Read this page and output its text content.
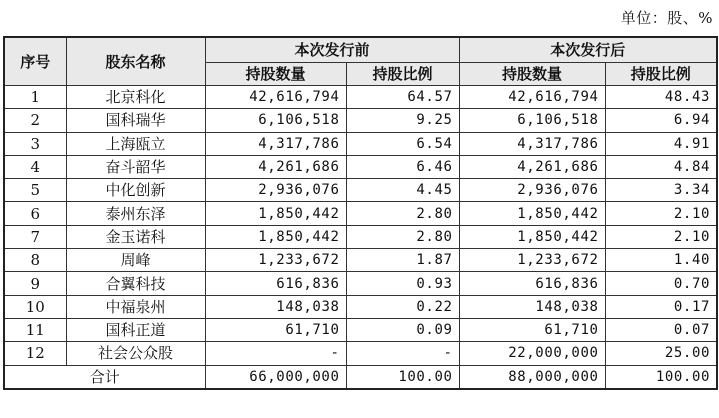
单位：股、%
序号	股东名称	本次发行前		本次发行后	
		持股数量	持股比例	持股数量	持股比例
1	北京科化	42,616,794	64.57	42,616,794	48.43
2	国科瑞华	6,106,518	9.25	6,106,518	6.94
3	上海瓯立	4,317,786	6.54	4,317,786	4.91
4	奋斗韶华	4,261,686	6.46	4,261,686	4.84
5	中化创新	2,936,076	4.45	2,936,076	3.34
6	泰州东泽	1,850,442	2.80	1,850,442	2.10
7	金玉诺科	1,850,442	2.80	1,850,442	2.10
8	周峰	1,233,672	1.87	1,233,672	1.40
9	合翼科技	616,836	0.93	616,836	0.70
10	中福泉州	148,038	0.22	148,038	0.17
11	国科正道	61,710	0.09	61,710	0.07
12	社会公众股	-	-	22,000,000	25.00
合计		66,000,000	100.00	88,000,000	100.00
